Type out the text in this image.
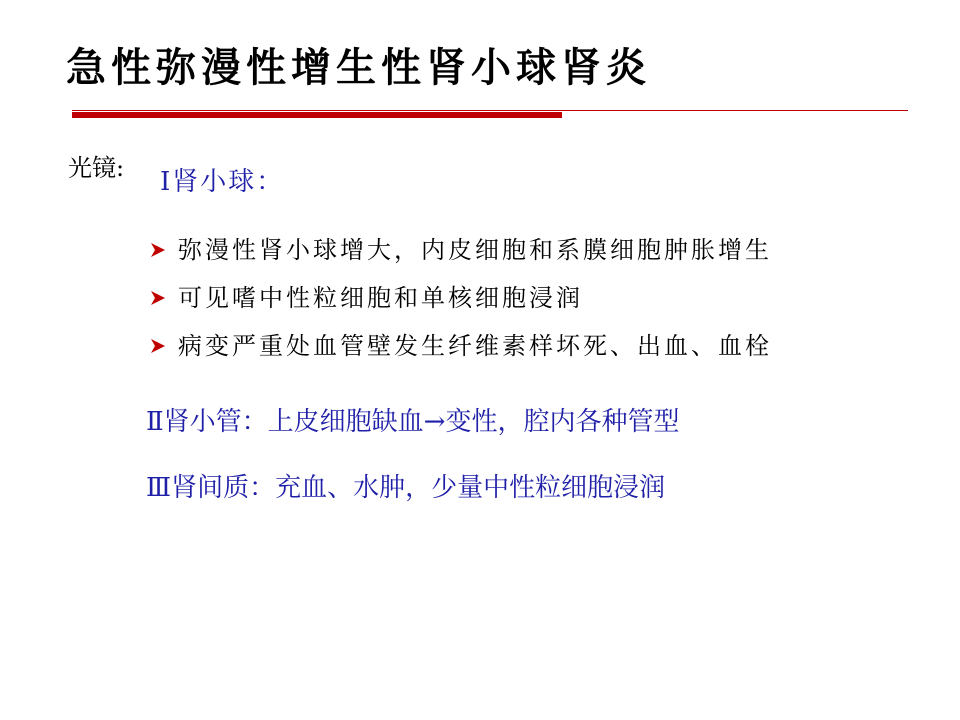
急性弥漫性增生性肾小球肾炎
光镜: Ⅰ肾小球：
弥漫性肾小球增大，内皮细胞和系膜细胞肿胀增生
可见嗜中性粒细胞和单核细胞浸润
病变严重处血管壁发生纤维素样坏死、出血、血栓
Ⅱ肾小管：上皮细胞缺血→变性，腔内各种管型
Ⅲ肾间质：充血、水肿，少量中性粒细胞浸润
